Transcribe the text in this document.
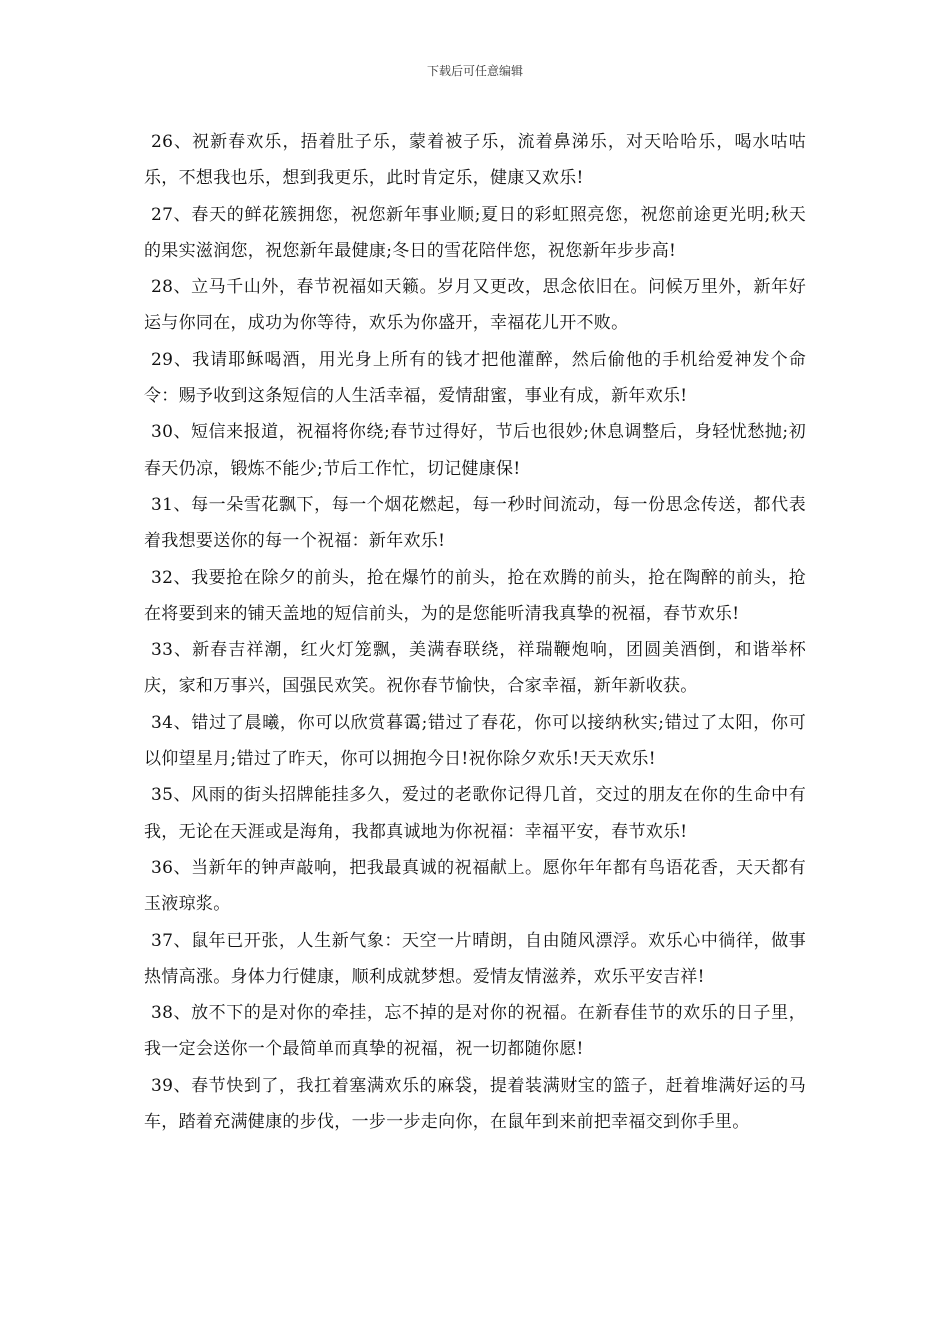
下载后可任意编辑

26、祝新春欢乐，捂着肚子乐，蒙着被子乐，流着鼻涕乐，对天哈哈乐，喝水咕咕乐，不想我也乐，想到我更乐，此时肯定乐，健康又欢乐!

27、春天的鲜花簇拥您，祝您新年事业顺;夏日的彩虹照亮您，祝您前途更光明;秋天的果实滋润您，祝您新年最健康;冬日的雪花陪伴您，祝您新年步步高!

28、立马千山外，春节祝福如天籁。岁月又更改，思念依旧在。问候万里外，新年好运与你同在，成功为你等待，欢乐为你盛开，幸福花儿开不败。

29、我请耶稣喝酒，用光身上所有的钱才把他灌醉，然后偷他的手机给爱神发个命令：赐予收到这条短信的人生活幸福，爱情甜蜜，事业有成，新年欢乐!

30、短信来报道，祝福将你绕;春节过得好，节后也很妙;休息调整后，身轻忧愁抛;初春天仍凉，锻炼不能少;节后工作忙，切记健康保!

31、每一朵雪花飘下，每一个烟花燃起，每一秒时间流动，每一份思念传送，都代表着我想要送你的每一个祝福：新年欢乐!

32、我要抢在除夕的前头，抢在爆竹的前头，抢在欢腾的前头，抢在陶醉的前头，抢在将要到来的铺天盖地的短信前头，为的是您能听清我真挚的祝福，春节欢乐!

33、新春吉祥潮，红火灯笼飘，美满春联绕，祥瑞鞭炮响，团圆美酒倒，和谐举杯庆，家和万事兴，国强民欢笑。祝你春节愉快，合家幸福，新年新收获。

34、错过了晨曦，你可以欣赏暮霭;错过了春花，你可以接纳秋实;错过了太阳，你可以仰望星月;错过了昨天，你可以拥抱今日!祝你除夕欢乐!天天欢乐!

35、风雨的街头招牌能挂多久，爱过的老歌你记得几首，交过的朋友在你的生命中有我，无论在天涯或是海角，我都真诚地为你祝福：幸福平安，春节欢乐!

36、当新年的钟声敲响，把我最真诚的祝福献上。愿你年年都有鸟语花香，天天都有玉液琼浆。

37、鼠年已开张，人生新气象：天空一片晴朗，自由随风漂浮。欢乐心中徜徉，做事热情高涨。身体力行健康，顺利成就梦想。爱情友情滋养，欢乐平安吉祥!

38、放不下的是对你的牵挂，忘不掉的是对你的祝福。在新春佳节的欢乐的日子里，我一定会送你一个最简单而真挚的祝福，祝一切都随你愿!

39、春节快到了，我扛着塞满欢乐的麻袋，提着装满财宝的篮子，赶着堆满好运的马车，踏着充满健康的步伐，一步一步走向你，在鼠年到来前把幸福交到你手里。
